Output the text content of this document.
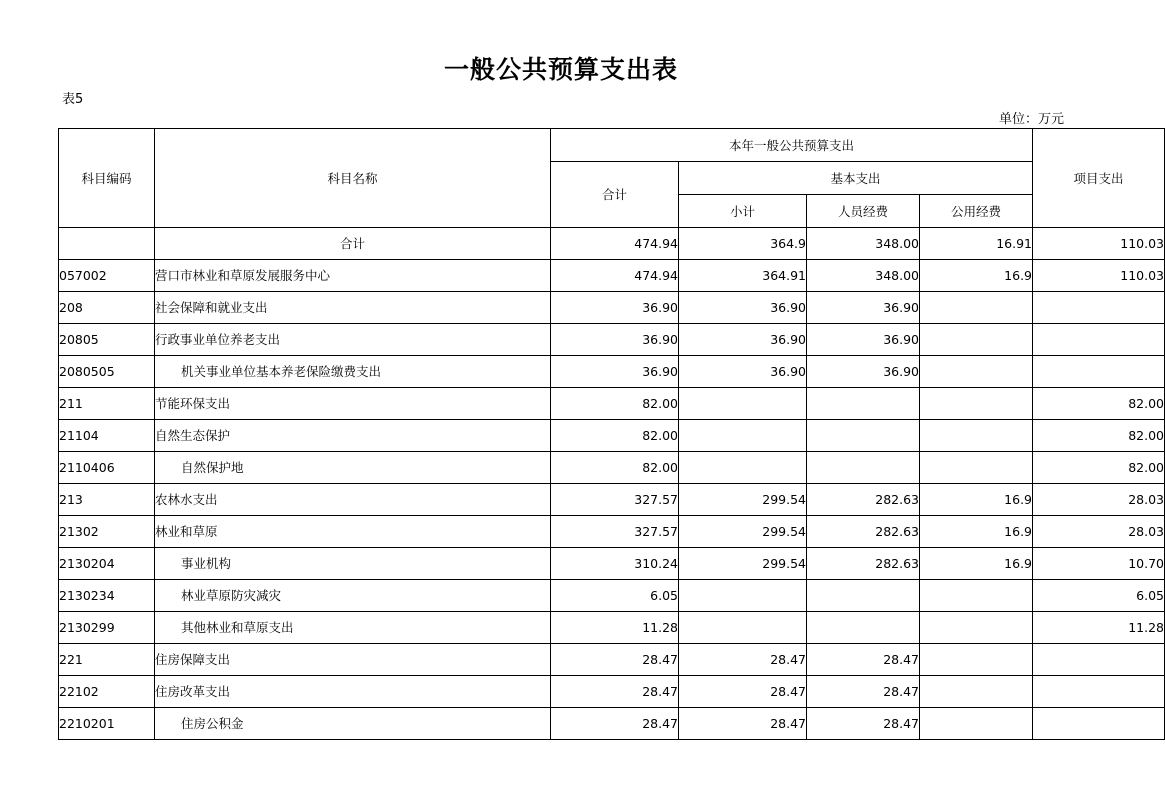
一般公共预算支出表
表5
单位：万元
科目编码	科目名称	本年一般公共预算支出				项目支出
		合计	基本支出			
			小计	人员经费	公用经费	
	合计	474.94	364.9	348.00	16.91	110.03
057002	营口市林业和草原发展服务中心	474.94	364.91	348.00	16.9	110.03
208	社会保障和就业支出	36.90	36.90	36.90		
20805	行政事业单位养老支出	36.90	36.90	36.90		
2080505	机关事业单位基本养老保险缴费支出	36.90	36.90	36.90		
211	节能环保支出	82.00				82.00
21104	自然生态保护	82.00				82.00
2110406	自然保护地	82.00				82.00
213	农林水支出	327.57	299.54	282.63	16.9	28.03
21302	林业和草原	327.57	299.54	282.63	16.9	28.03
2130204	事业机构	310.24	299.54	282.63	16.9	10.70
2130234	林业草原防灾减灾	6.05				6.05
2130299	其他林业和草原支出	11.28				11.28
221	住房保障支出	28.47	28.47	28.47		
22102	住房改革支出	28.47	28.47	28.47		
2210201	住房公积金	28.47	28.47	28.47		
